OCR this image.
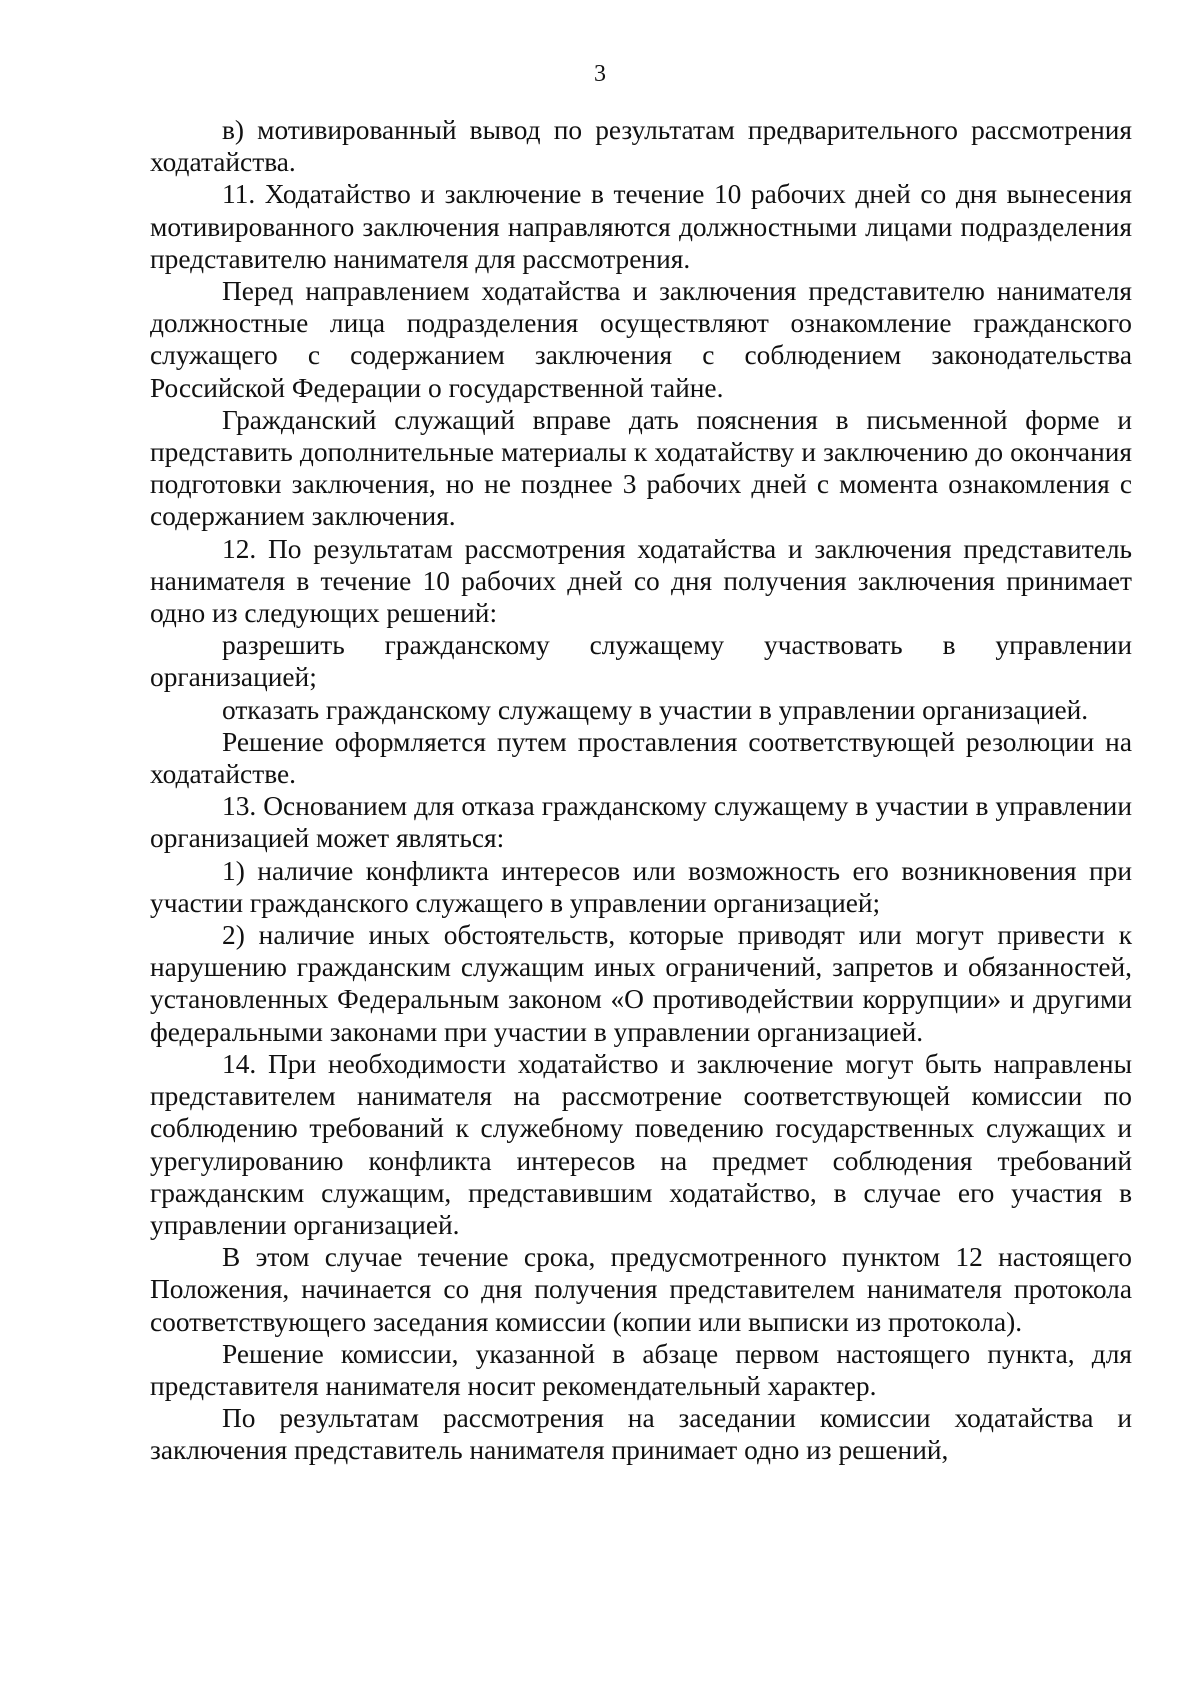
3

в) мотивированный вывод по результатам предварительного рассмотрения ходатайства.

11. Ходатайство и заключение в течение 10 рабочих дней со дня вынесения мотивированного заключения направляются должностными лицами подразделения представителю нанимателя для рассмотрения.

Перед направлением ходатайства и заключения представителю нанимателя должностные лица подразделения осуществляют ознакомление гражданского служащего с содержанием заключения с соблюдением законодательства Российской Федерации о государственной тайне.

Гражданский служащий вправе дать пояснения в письменной форме и представить дополнительные материалы к ходатайству и заключению до окончания подготовки заключения, но не позднее 3 рабочих дней с момента ознакомления с содержанием заключения.

12. По результатам рассмотрения ходатайства и заключения представитель нанимателя в течение 10 рабочих дней со дня получения заключения принимает одно из следующих решений:

разрешить гражданскому служащему участвовать в управлении организацией;

отказать гражданскому служащему в участии в управлении организацией.

Решение оформляется путем проставления соответствующей резолюции на ходатайстве.

13. Основанием для отказа гражданскому служащему в участии в управлении организацией может являться:

1) наличие конфликта интересов или возможность его возникновения при участии гражданского служащего в управлении организацией;

2) наличие иных обстоятельств, которые приводят или могут привести к нарушению гражданским служащим иных ограничений, запретов и обязанностей, установленных Федеральным законом «О противодействии коррупции» и другими федеральными законами при участии в управлении организацией.

14. При необходимости ходатайство и заключение могут быть направлены представителем нанимателя на рассмотрение соответствующей комиссии по соблюдению требований к служебному поведению государственных служащих и урегулированию конфликта интересов на предмет соблюдения требований гражданским служащим, представившим ходатайство, в случае его участия в управлении организацией.

В этом случае течение срока, предусмотренного пунктом 12 настоящего Положения, начинается со дня получения представителем нанимателя протокола соответствующего заседания комиссии (копии или выписки из протокола).

Решение комиссии, указанной в абзаце первом настоящего пункта, для представителя нанимателя носит рекомендательный характер.

По результатам рассмотрения на заседании комиссии ходатайства и заключения представитель нанимателя принимает одно из решений,
